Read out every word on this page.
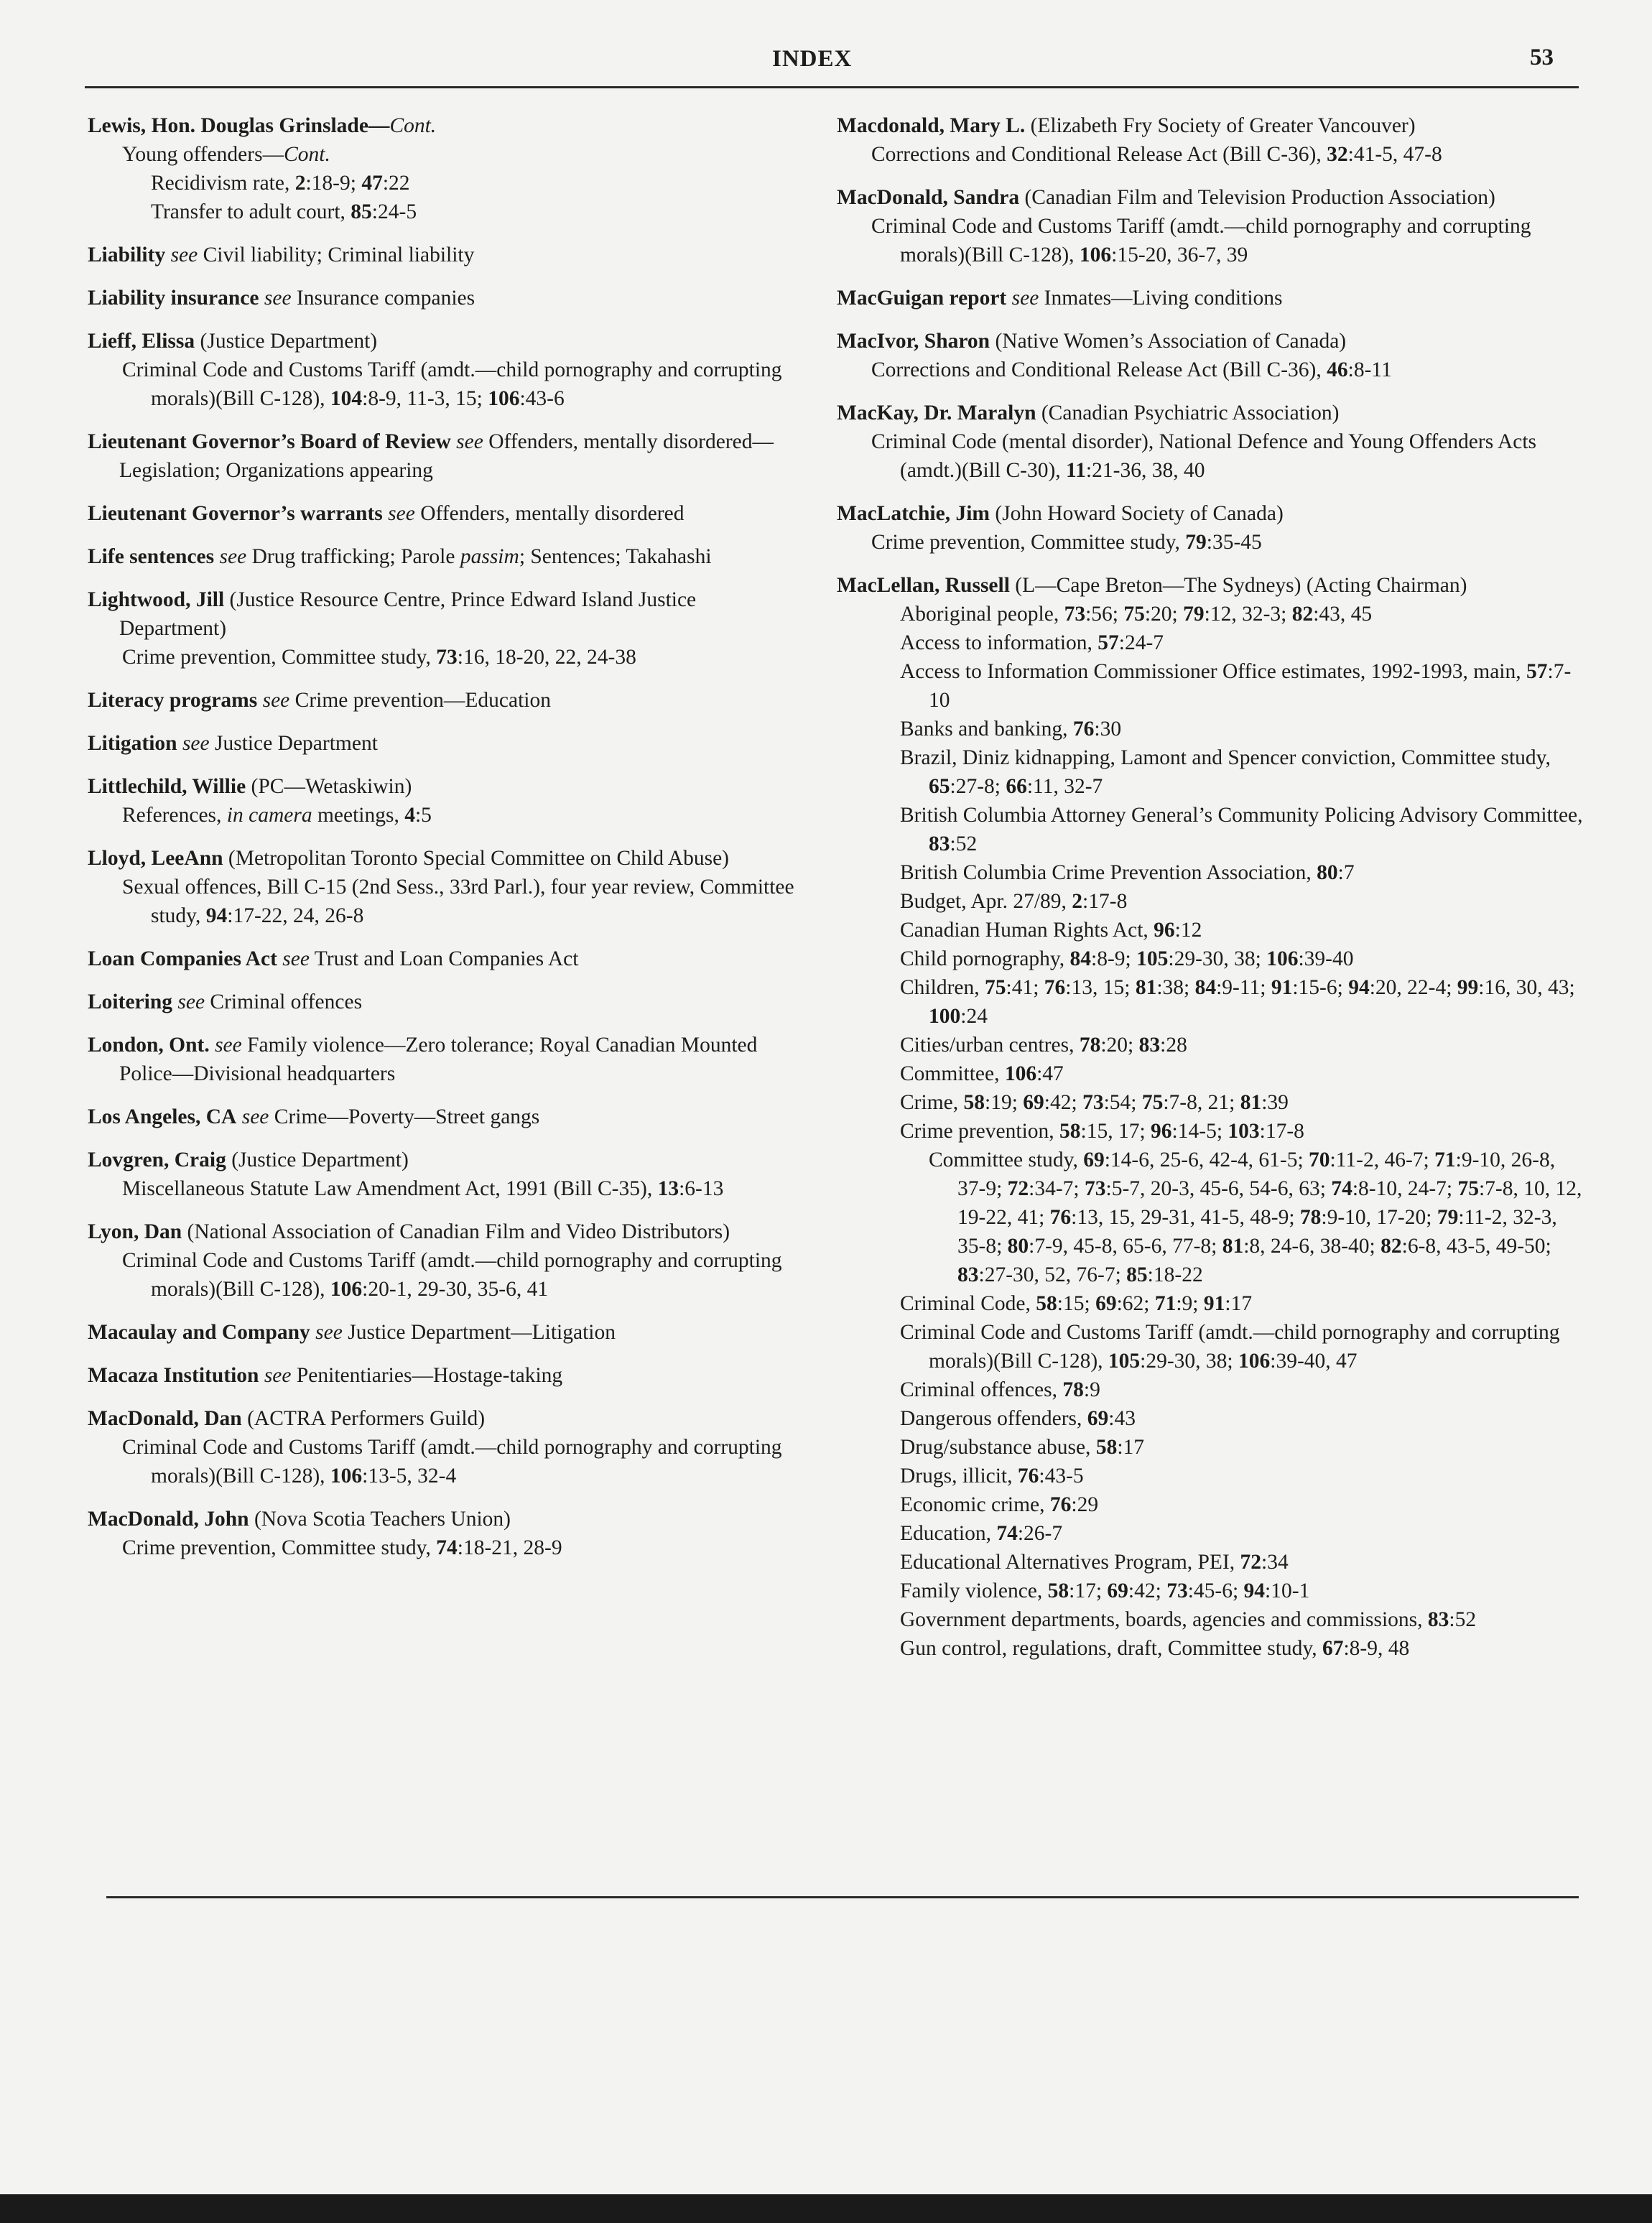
INDEX	53
Lewis, Hon. Douglas Grinslade—Cont.
Young offenders—Cont.
Recidivism rate, 2:18-9; 47:22
Transfer to adult court, 85:24-5
Liability see Civil liability; Criminal liability
Liability insurance see Insurance companies
Lieff, Elissa (Justice Department)
Criminal Code and Customs Tariff (amdt.—child pornography and corrupting morals)(Bill C-128), 104:8-9, 11-3, 15; 106:43-6
Lieutenant Governor’s Board of Review see Offenders, mentally disordered—Legislation; Organizations appearing
Lieutenant Governor’s warrants see Offenders, mentally disordered
Life sentences see Drug trafficking; Parole passim; Sentences; Takahashi
Lightwood, Jill (Justice Resource Centre, Prince Edward Island Justice Department)
Crime prevention, Committee study, 73:16, 18-20, 22, 24-38
Literacy programs see Crime prevention—Education
Litigation see Justice Department
Littlechild, Willie (PC—Wetaskiwin)
References, in camera meetings, 4:5
Lloyd, LeeAnn (Metropolitan Toronto Special Committee on Child Abuse)
Sexual offences, Bill C-15 (2nd Sess., 33rd Parl.), four year review, Committee study, 94:17-22, 24, 26-8
Loan Companies Act see Trust and Loan Companies Act
Loitering see Criminal offences
London, Ont. see Family violence—Zero tolerance; Royal Canadian Mounted Police—Divisional headquarters
Los Angeles, CA see Crime—Poverty—Street gangs
Lovgren, Craig (Justice Department)
Miscellaneous Statute Law Amendment Act, 1991 (Bill C-35), 13:6-13
Lyon, Dan (National Association of Canadian Film and Video Distributors)
Criminal Code and Customs Tariff (amdt.—child pornography and corrupting morals)(Bill C-128), 106:20-1, 29-30, 35-6, 41
Macaulay and Company see Justice Department—Litigation
Macaza Institution see Penitentiaries—Hostage-taking
MacDonald, Dan (ACTRA Performers Guild)
Criminal Code and Customs Tariff (amdt.—child pornography and corrupting morals)(Bill C-128), 106:13-5, 32-4
MacDonald, John (Nova Scotia Teachers Union)
Crime prevention, Committee study, 74:18-21, 28-9
Macdonald, Mary L. (Elizabeth Fry Society of Greater Vancouver)
Corrections and Conditional Release Act (Bill C-36), 32:41-5, 47-8
MacDonald, Sandra (Canadian Film and Television Production Association)
Criminal Code and Customs Tariff (amdt.—child pornography and corrupting morals)(Bill C-128), 106:15-20, 36-7, 39
MacGuigan report see Inmates—Living conditions
MacIvor, Sharon (Native Women’s Association of Canada)
Corrections and Conditional Release Act (Bill C-36), 46:8-11
MacKay, Dr. Maralyn (Canadian Psychiatric Association)
Criminal Code (mental disorder), National Defence and Young Offenders Acts (amdt.)(Bill C-30), 11:21-36, 38, 40
MacLatchie, Jim (John Howard Society of Canada)
Crime prevention, Committee study, 79:35-45
MacLellan, Russell (L—Cape Breton—The Sydneys) (Acting Chairman)
Aboriginal people, 73:56; 75:20; 79:12, 32-3; 82:43, 45
Access to information, 57:24-7
Access to Information Commissioner Office estimates, 1992-1993, main, 57:7-10
Banks and banking, 76:30
Brazil, Diniz kidnapping, Lamont and Spencer conviction, Committee study, 65:27-8; 66:11, 32-7
British Columbia Attorney General’s Community Policing Advisory Committee, 83:52
British Columbia Crime Prevention Association, 80:7
Budget, Apr. 27/89, 2:17-8
Canadian Human Rights Act, 96:12
Child pornography, 84:8-9; 105:29-30, 38; 106:39-40
Children, 75:41; 76:13, 15; 81:38; 84:9-11; 91:15-6; 94:20, 22-4; 99:16, 30, 43; 100:24
Cities/urban centres, 78:20; 83:28
Committee, 106:47
Crime, 58:19; 69:42; 73:54; 75:7-8, 21; 81:39
Crime prevention, 58:15, 17; 96:14-5; 103:17-8
Committee study, 69:14-6, 25-6, 42-4, 61-5; 70:11-2, 46-7; 71:9-10, 26-8, 37-9; 72:34-7; 73:5-7, 20-3, 45-6, 54-6, 63; 74:8-10, 24-7; 75:7-8, 10, 12, 19-22, 41; 76:13, 15, 29-31, 41-5, 48-9; 78:9-10, 17-20; 79:11-2, 32-3, 35-8; 80:7-9, 45-8, 65-6, 77-8; 81:8, 24-6, 38-40; 82:6-8, 43-5, 49-50; 83:27-30, 52, 76-7; 85:18-22
Criminal Code, 58:15; 69:62; 71:9; 91:17
Criminal Code and Customs Tariff (amdt.—child pornography and corrupting morals)(Bill C-128), 105:29-30, 38; 106:39-40, 47
Criminal offences, 78:9
Dangerous offenders, 69:43
Drug/substance abuse, 58:17
Drugs, illicit, 76:43-5
Economic crime, 76:29
Education, 74:26-7
Educational Alternatives Program, PEI, 72:34
Family violence, 58:17; 69:42; 73:45-6; 94:10-1
Government departments, boards, agencies and commissions, 83:52
Gun control, regulations, draft, Committee study, 67:8-9, 48
